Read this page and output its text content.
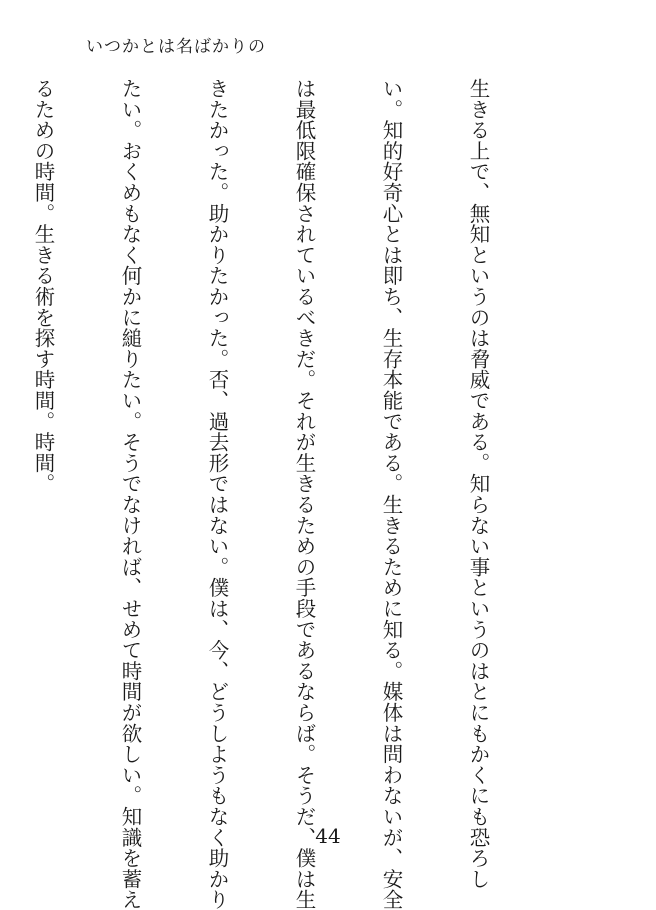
いつかとは名ばかりの

生きる上で、無知というのは脅威である。知らない事というのはとにもかくにも恐ろし

い。知的好奇心とは即ち、生存本能である。生きるために知る。媒体は問わないが、安全

は最低限確保されているべきだ。それが生きるための手段であるならば。そうだ、僕は生

きたかった。助かりたかった。否、過去形ではない。僕は、今、どうしようもなく助かり

たい。おくめもなく何かに縋りたい。そうでなければ、せめて時間が欲しい。知識を蓄え

るための時間。生きる術を探す時間。時間。

44
